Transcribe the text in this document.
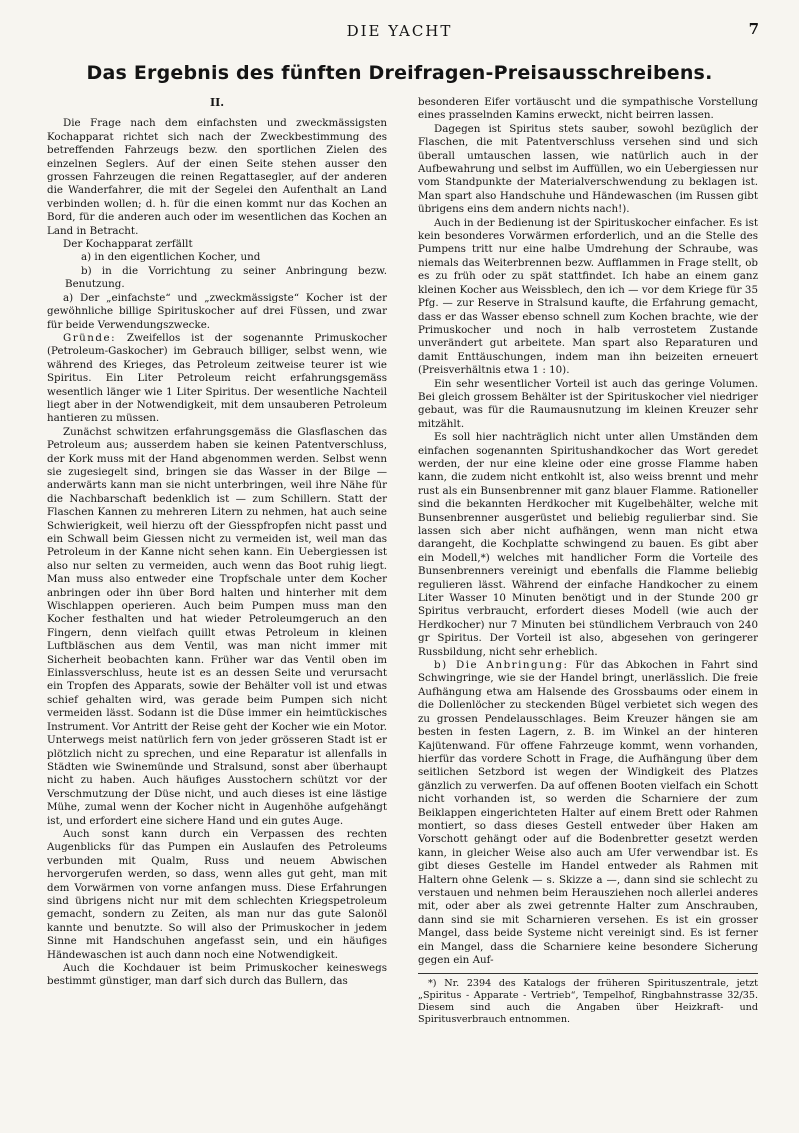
DIE YACHT	7
Das Ergebnis des fünften Dreifragen-Preisausschreibens.
II.

Die Frage nach dem einfachsten und zweckmässigsten Kochapparat richtet sich nach der Zweckbestimmung des betreffenden Fahrzeugs bezw. den sportlichen Zielen des einzelnen Seglers. Auf der einen Seite stehen ausser den grossen Fahrzeugen die reinen Regattasegler, auf der anderen die Wanderfahrer, die mit der Segelei den Aufenthalt an Land verbinden wollen; d. h. für die einen kommt nur das Kochen an Bord, für die anderen auch oder im wesentlichen das Kochen an Land in Betracht.

Der Kochapparat zerfällt

a) in den eigentlichen Kocher, und

b) in die Vorrichtung zu seiner Anbringung bezw. Benutzung.

a) Der „einfachste“ und „zweckmässigste“ Kocher ist der gewöhnliche billige Spirituskocher auf drei Füssen, und zwar für beide Verwendungszwecke.

Gründe: Zweifellos ist der sogenannte Primuskocher (Petroleum-Gaskocher) im Gebrauch billiger, selbst wenn, wie während des Krieges, das Petroleum zeitweise teurer ist wie Spiritus. Ein Liter Petroleum reicht erfahrungsgemäss wesentlich länger wie 1 Liter Spiritus. Der wesentliche Nachteil liegt aber in der Notwendigkeit, mit dem unsauberen Petroleum hantieren zu müssen.

Zunächst schwitzen erfahrungsgemäss die Glasflaschen das Petroleum aus; ausserdem haben sie keinen Patentverschluss, der Kork muss mit der Hand abgenommen werden. Selbst wenn sie zugesiegelt sind, bringen sie das Wasser in der Bilge — anderwärts kann man sie nicht unterbringen, weil ihre Nähe für die Nachbarschaft bedenklich ist — zum Schillern. Statt der Flaschen Kannen zu mehreren Litern zu nehmen, hat auch seine Schwierigkeit, weil hierzu oft der Giesspfropfen nicht passt und ein Schwall beim Giessen nicht zu vermeiden ist, weil man das Petroleum in der Kanne nicht sehen kann. Ein Uebergiessen ist also nur selten zu vermeiden, auch wenn das Boot ruhig liegt. Man muss also entweder eine Tropfschale unter dem Kocher anbringen oder ihn über Bord halten und hinterher mit dem Wischlappen operieren. Auch beim Pumpen muss man den Kocher festhalten und hat wieder Petroleumgeruch an den Fingern, denn vielfach quillt etwas Petroleum in kleinen Luftbläschen aus dem Ventil, was man nicht immer mit Sicherheit beobachten kann. Früher war das Ventil oben im Einlassverschluss, heute ist es an dessen Seite und verursacht ein Tropfen des Apparats, sowie der Behälter voll ist und etwas schief gehalten wird, was gerade beim Pumpen sich nicht vermeiden lässt. Sodann ist die Düse immer ein heimtückisches Instrument. Vor Antritt der Reise geht der Kocher wie ein Motor. Unterwegs meist natürlich fern von jeder grösseren Stadt ist er plötzlich nicht zu sprechen, und eine Reparatur ist allenfalls in Städten wie Swinemünde und Stralsund, sonst aber überhaupt nicht zu haben. Auch häufiges Ausstochern schützt vor der Verschmutzung der Düse nicht, und auch dieses ist eine lästige Mühe, zumal wenn der Kocher nicht in Augenhöhe aufgehängt ist, und erfordert eine sichere Hand und ein gutes Auge.

Auch sonst kann durch ein Verpassen des rechten Augenblicks für das Pumpen ein Auslaufen des Petroleums verbunden mit Qualm, Russ und neuem Abwischen hervorgerufen werden, so dass, wenn alles gut geht, man mit dem Vorwärmen von vorne anfangen muss. Diese Erfahrungen sind übrigens nicht nur mit dem schlechten Kriegspetroleum gemacht, sondern zu Zeiten, als man nur das gute Salonöl kannte und benutzte. So will also der Primuskocher in jedem Sinne mit Handschuhen angefasst sein, und ein häufiges Händewaschen ist auch dann noch eine Notwendigkeit.

Auch die Kochdauer ist beim Primuskocher keineswegs bestimmt günstiger, man darf sich durch das Bullern, das

besonderen Eifer vortäuscht und die sympathische Vorstellung eines prasselnden Kamins erweckt, nicht beirren lassen.

Dagegen ist Spiritus stets sauber, sowohl bezüglich der Flaschen, die mit Patentverschluss versehen sind und sich überall umtauschen lassen, wie natürlich auch in der Aufbewahrung und selbst im Auffüllen, wo ein Uebergiessen nur vom Standpunkte der Materialverschwendung zu beklagen ist. Man spart also Handschuhe und Händewaschen (im Russen gibt übrigens eins dem andern nichts nach!).

Auch in der Bedienung ist der Spirituskocher einfacher. Es ist kein besonderes Vorwärmen erforderlich, und an die Stelle des Pumpens tritt nur eine halbe Umdrehung der Schraube, was niemals das Weiterbrennen bezw. Aufflammen in Frage stellt, ob es zu früh oder zu spät stattfindet. Ich habe an einem ganz kleinen Kocher aus Weissblech, den ich — vor dem Kriege für 35 Pfg. — zur Reserve in Stralsund kaufte, die Erfahrung gemacht, dass er das Wasser ebenso schnell zum Kochen brachte, wie der Primuskocher und noch in halb verrostetem Zustande unverändert gut arbeitete. Man spart also Reparaturen und damit Enttäuschungen, indem man ihn beizeiten erneuert (Preisverhältnis etwa 1 : 10).

Ein sehr wesentlicher Vorteil ist auch das geringe Volumen. Bei gleich grossem Behälter ist der Spirituskocher viel niedriger gebaut, was für die Raumausnutzung im kleinen Kreuzer sehr mitzählt.

Es soll hier nachträglich nicht unter allen Umständen dem einfachen sogenannten Spiritushandkocher das Wort geredet werden, der nur eine kleine oder eine grosse Flamme haben kann, die zudem nicht entkohlt ist, also weiss brennt und mehr rust als ein Bunsenbrenner mit ganz blauer Flamme. Rationeller sind die bekannten Herdkocher mit Kugelbehälter, welche mit Bunsenbrenner ausgerüstet und beliebig regulierbar sind. Sie lassen sich aber nicht aufhängen, wenn man nicht etwa darangeht, die Kochplatte schwingend zu bauen. Es gibt aber ein Modell,*) welches mit handlicher Form die Vorteile des Bunsenbrenners vereinigt und ebenfalls die Flamme beliebig regulieren lässt. Während der einfache Handkocher zu einem Liter Wasser 10 Minuten benötigt und in der Stunde 200 gr Spiritus verbraucht, erfordert dieses Modell (wie auch der Herdkocher) nur 7 Minuten bei stündlichem Verbrauch von 240 gr Spiritus. Der Vorteil ist also, abgesehen von geringerer Russbildung, nicht sehr erheblich.

b) Die Anbringung: Für das Abkochen in Fahrt sind Schwingringe, wie sie der Handel bringt, unerlässlich. Die freie Aufhängung etwa am Halsende des Grossbaums oder einem in die Dollenlöcher zu steckenden Bügel verbietet sich wegen des zu grossen Pendelausschlages. Beim Kreuzer hängen sie am besten in festen Lagern, z. B. im Winkel an der hinteren Kajütenwand. Für offene Fahrzeuge kommt, wenn vorhanden, hierfür das vordere Schott in Frage, die Aufhängung über dem seitlichen Setzbord ist wegen der Windigkeit des Platzes gänzlich zu verwerfen. Da auf offenen Booten vielfach ein Schott nicht vorhanden ist, so werden die Scharniere der zum Beiklappen eingerichteten Halter auf einem Brett oder Rahmen montiert, so dass dieses Gestell entweder über Haken am Vorschott gehängt oder auf die Bodenbretter gesetzt werden kann, in gleicher Weise also auch am Ufer verwendbar ist. Es gibt dieses Gestelle im Handel entweder als Rahmen mit Haltern ohne Gelenk — s. Skizze a —, dann sind sie schlecht zu verstauen und nehmen beim Herausziehen noch allerlei anderes mit, oder aber als zwei getrennte Halter zum Anschrauben, dann sind sie mit Scharnieren versehen. Es ist ein grosser Mangel, dass beide Systeme nicht vereinigt sind. Es ist ferner ein Mangel, dass die Scharniere keine besondere Sicherung gegen ein Auf-

*) Nr. 2394 des Katalogs der früheren Spirituszentrale, jetzt „Spiritus - Apparate - Vertrieb“, Tempelhof, Ringbahnstrasse 32/35. Diesem sind auch die Angaben über Heizkraft- und Spiritusverbrauch entnommen.
